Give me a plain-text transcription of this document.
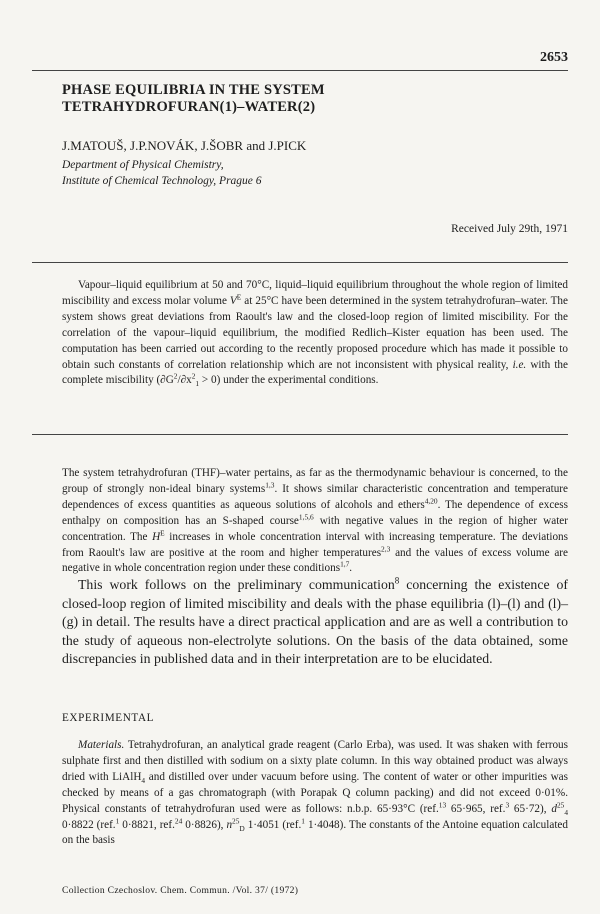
2653
PHASE EQUILIBRIA IN THE SYSTEM
TETRAHYDROFURAN(1)–WATER(2)
J.MATOUŠ, J.P.NOVÁK, J.ŠOBR and J.PICK
Department of Physical Chemistry,
Institute of Chemical Technology, Prague 6
Received July 29th, 1971

Vapour–liquid equilibrium at 50 and 70°C, liquid–liquid equilibrium throughout the whole region of limited miscibility and excess molar volume $V^E$ at 25°C have been determined in the system tetrahydrofuran–water. The system shows great deviations from Raoult's law and the closed-loop region of limited miscibility. For the correlation of the vapour–liquid equilibrium, the modified Redlich–Kister equation has been used. The computation has been carried out according to the recently proposed procedure which has made it possible to obtain such constants of correlation relationship which are not inconsistent with physical reality, i.e. with the complete miscibility $(\partial G^2/\partial x^2_1 > 0)$ under the experimental conditions.

The system tetrahydrofuran (THF)–water pertains, as far as the thermodynamic behaviour is concerned, to the group of strongly non-ideal binary systems$^{1,3}$. It shows similar characteristic concentration and temperature dependences of excess quantities as aqueous solutions of alcohols and ethers$^{4,20}$. The dependence of excess enthalpy on composition has an S-shaped course$^{1,5,6}$ with negative values in the region of higher water concentration. The $H^E$ increases in whole concentration interval with increasing temperature. The deviations from Raoult's law are positive at the room and higher temperatures$^{2,3}$ and the values of excess volume are negative in whole concentration region under these conditions$^{1,7}$.

This work follows on the preliminary communication$^8$ concerning the existence of closed-loop region of limited miscibility and deals with the phase equilibria (l)–(l) and (l)–(g) in detail. The results have a direct practical application and are as well a contribution to the study of aqueous non-electrolyte solutions. On the basis of the data obtained, some discrepancies in published data and in their interpretation are to be elucidated.

EXPERIMENTAL

Materials. Tetrahydrofuran, an analytical grade reagent (Carlo Erba), was used. It was shaken with ferrous sulphate first and then distilled with sodium on a sixty plate column. In this way obtained product was always dried with LiAlH$_4$ and distilled over under vacuum before using. The content of water or other impurities was checked by means of a gas chromatograph (with Porapak Q column packing) and did not exceed 0·01%. Physical constants of tetrahydrofuran used were as follows: n.b.p. 65·93°C (ref.$^{13}$ 65·965, ref.$^3$ 65·72), $d^{25}_4$ 0·8822 (ref.$^1$ 0·8821, ref.$^{24}$ 0·8826), $n^{25}_D$ 1·4051 (ref.$^1$ 1·4048). The constants of the Antoine equation calculated on the basis

Collection Czechoslov. Chem. Commun. /Vol. 37/ (1972)
